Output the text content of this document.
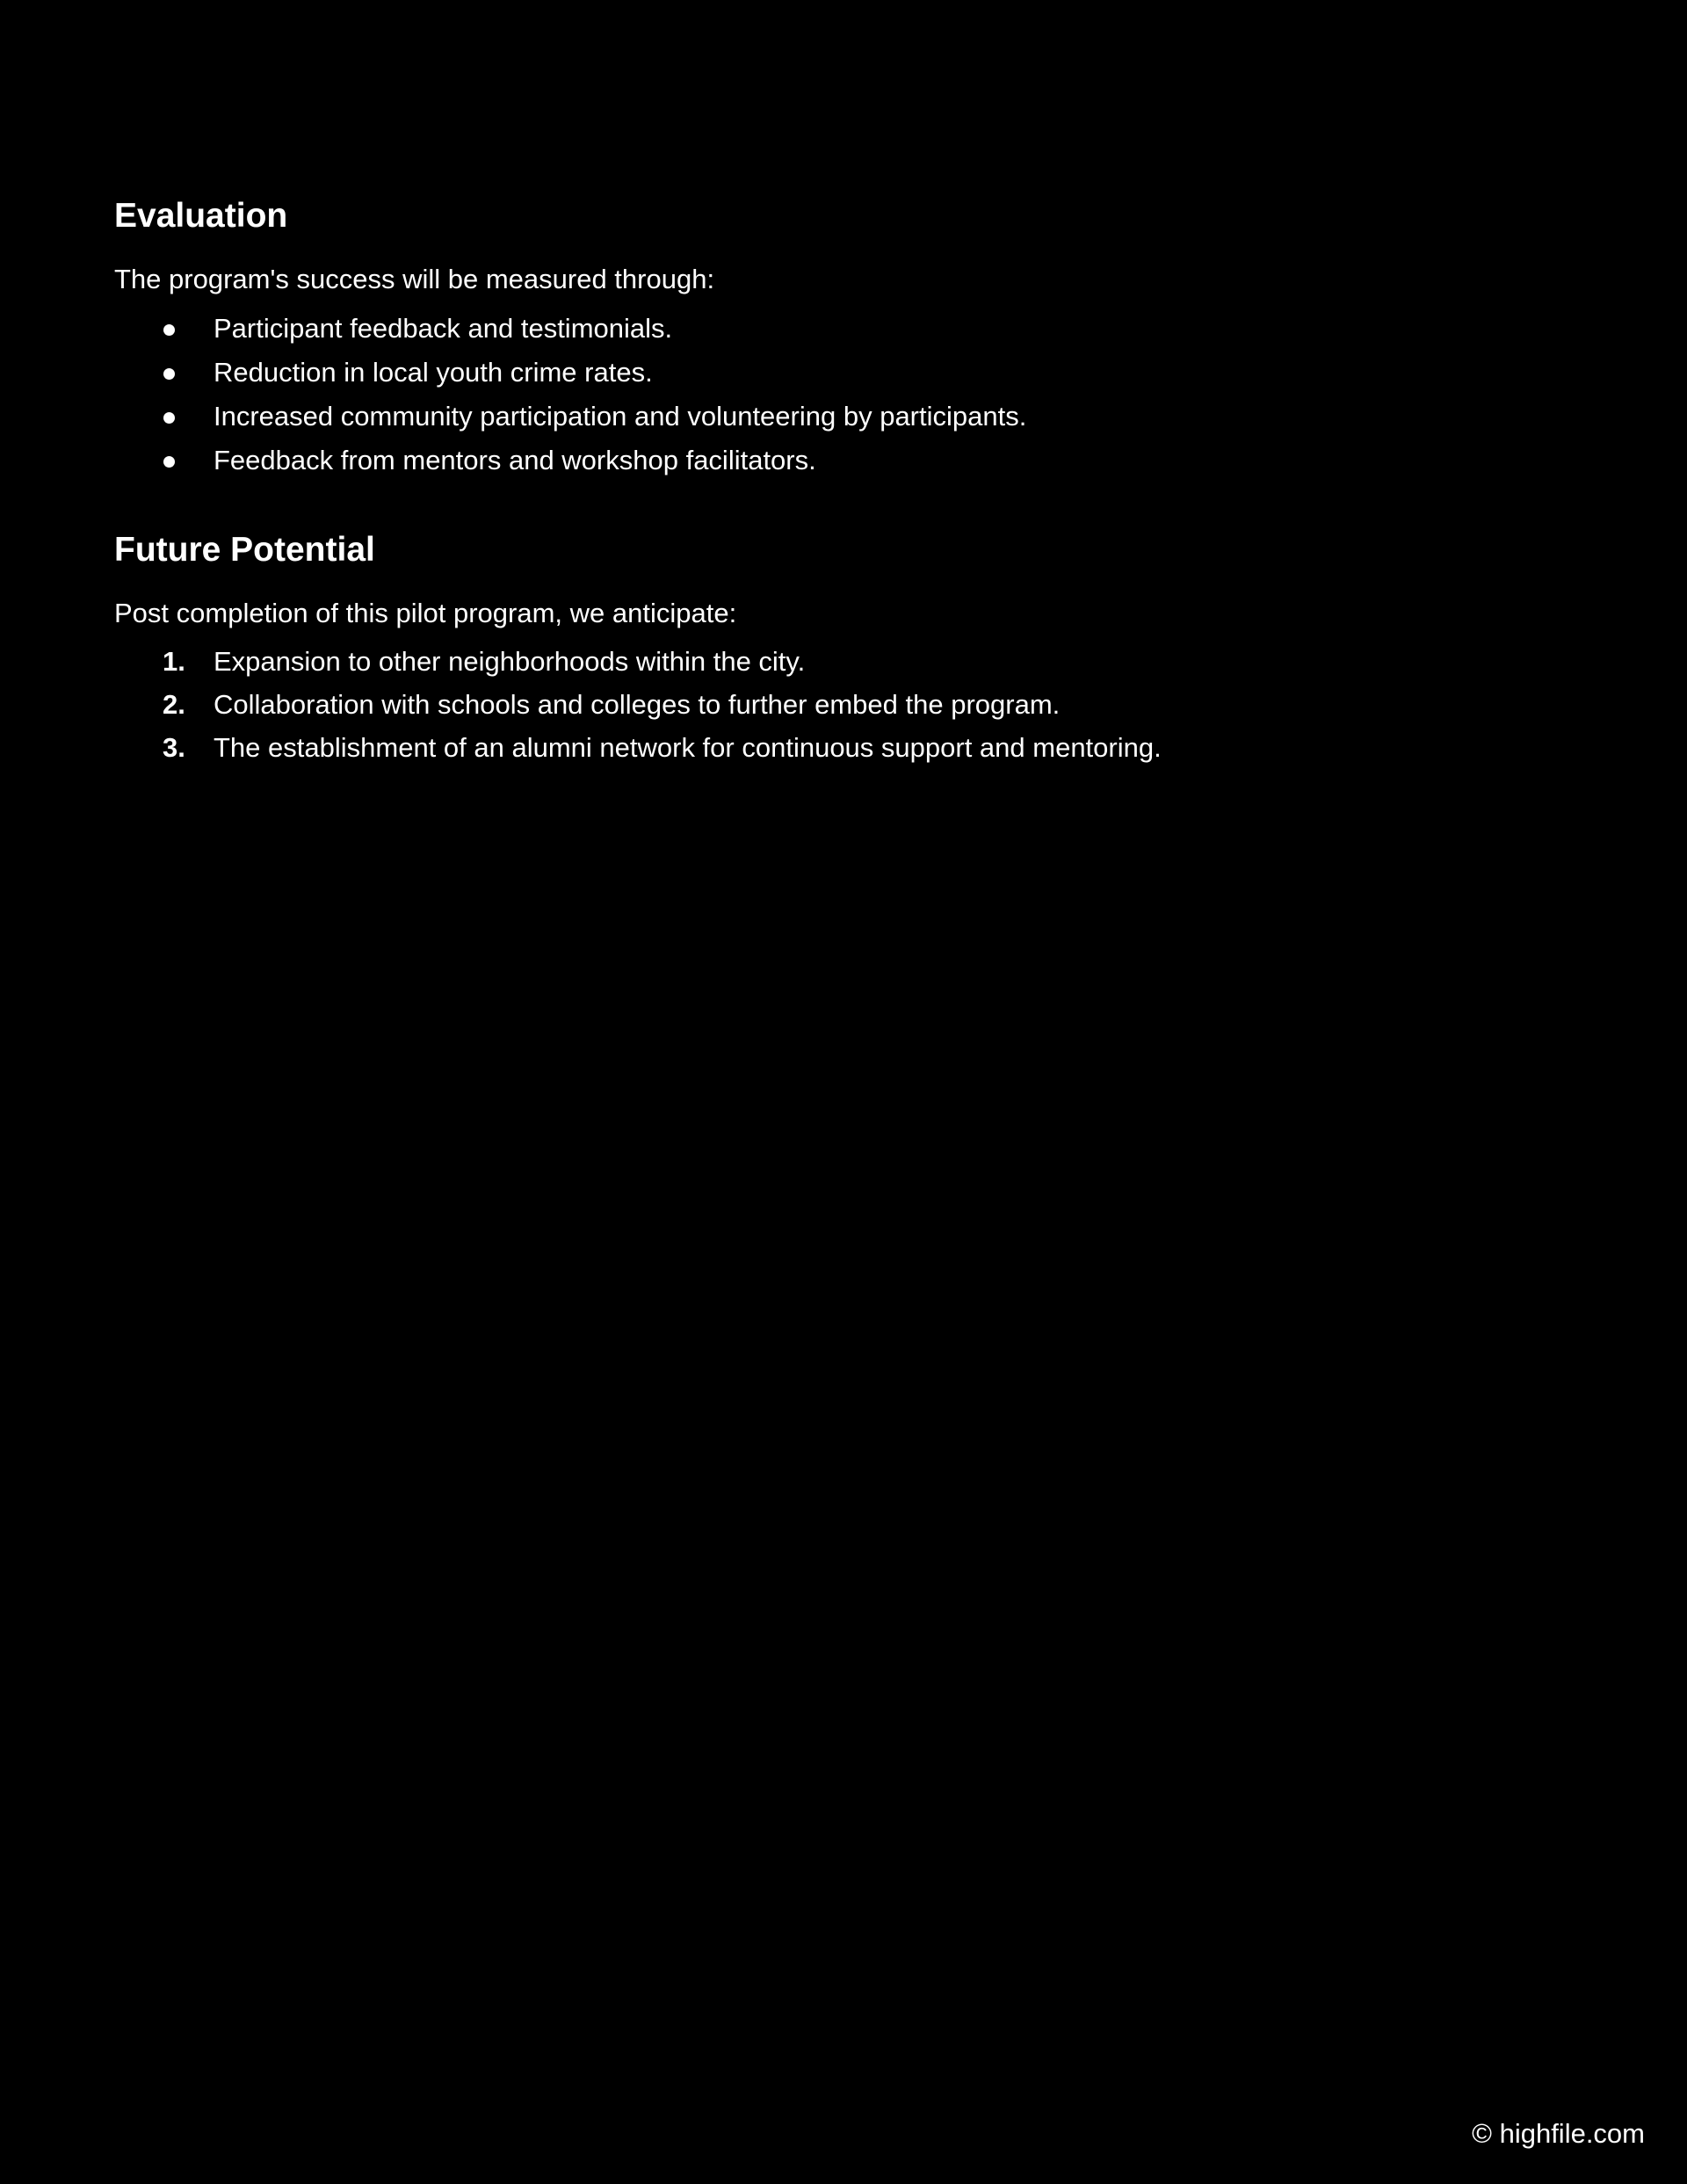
Evaluation

The program's success will be measured through:

Participant feedback and testimonials.
Reduction in local youth crime rates.
Increased community participation and volunteering by participants.
Feedback from mentors and workshop facilitators.
Future Potential

Post completion of this pilot program, we anticipate:

1. Expansion to other neighborhoods within the city.
2. Collaboration with schools and colleges to further embed the program.
3. The establishment of an alumni network for continuous support and mentoring.
© highfile.com
